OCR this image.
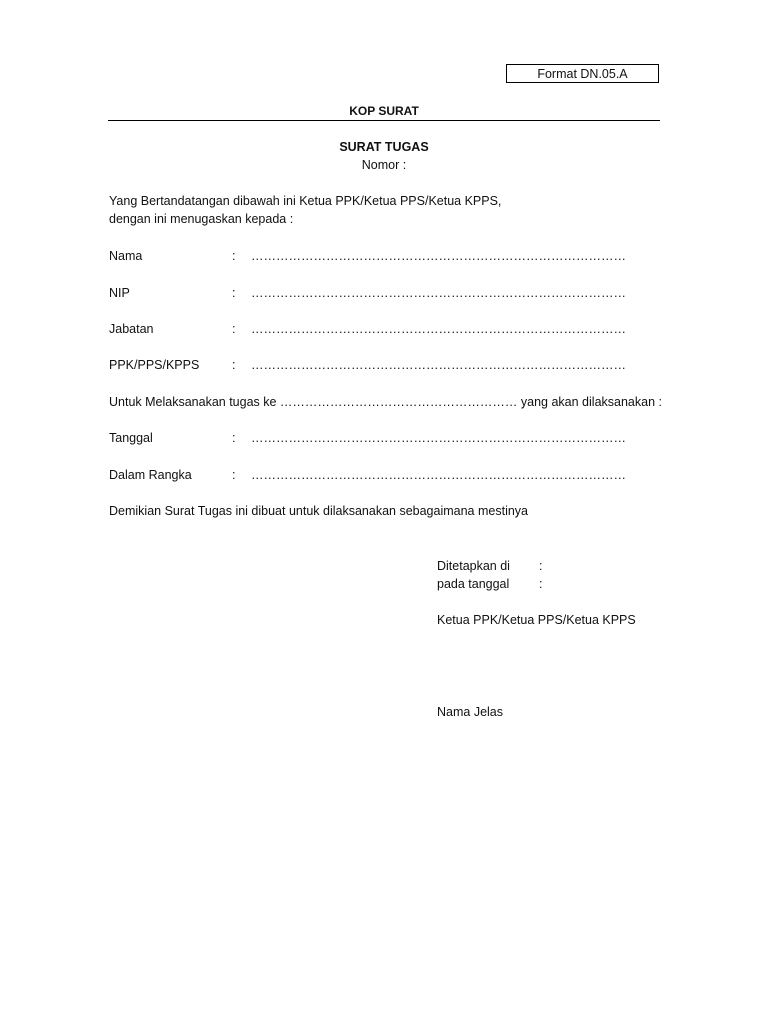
Format DN.05.A
KOP SURAT
SURAT TUGAS
Nomor :
Yang Bertandatangan dibawah ini Ketua PPK/Ketua PPS/Ketua KPPS,
dengan ini menugaskan kepada :
Nama	: ………………………………………………………………………………
NIP	: ………………………………………………………………………………
Jabatan	: ………………………………………………………………………………
PPK/PPS/KPPS	: ………………………………………………………………………………
Untuk Melaksanakan tugas ke ………………………………………………… yang akan dilaksanakan :
Tanggal	: ………………………………………………………………………………
Dalam Rangka	: ………………………………………………………………………………
Demikian Surat Tugas ini dibuat untuk dilaksanakan sebagaimana mestinya
Ditetapkan di :
pada tanggal :
Ketua PPK/Ketua PPS/Ketua KPPS
Nama Jelas
